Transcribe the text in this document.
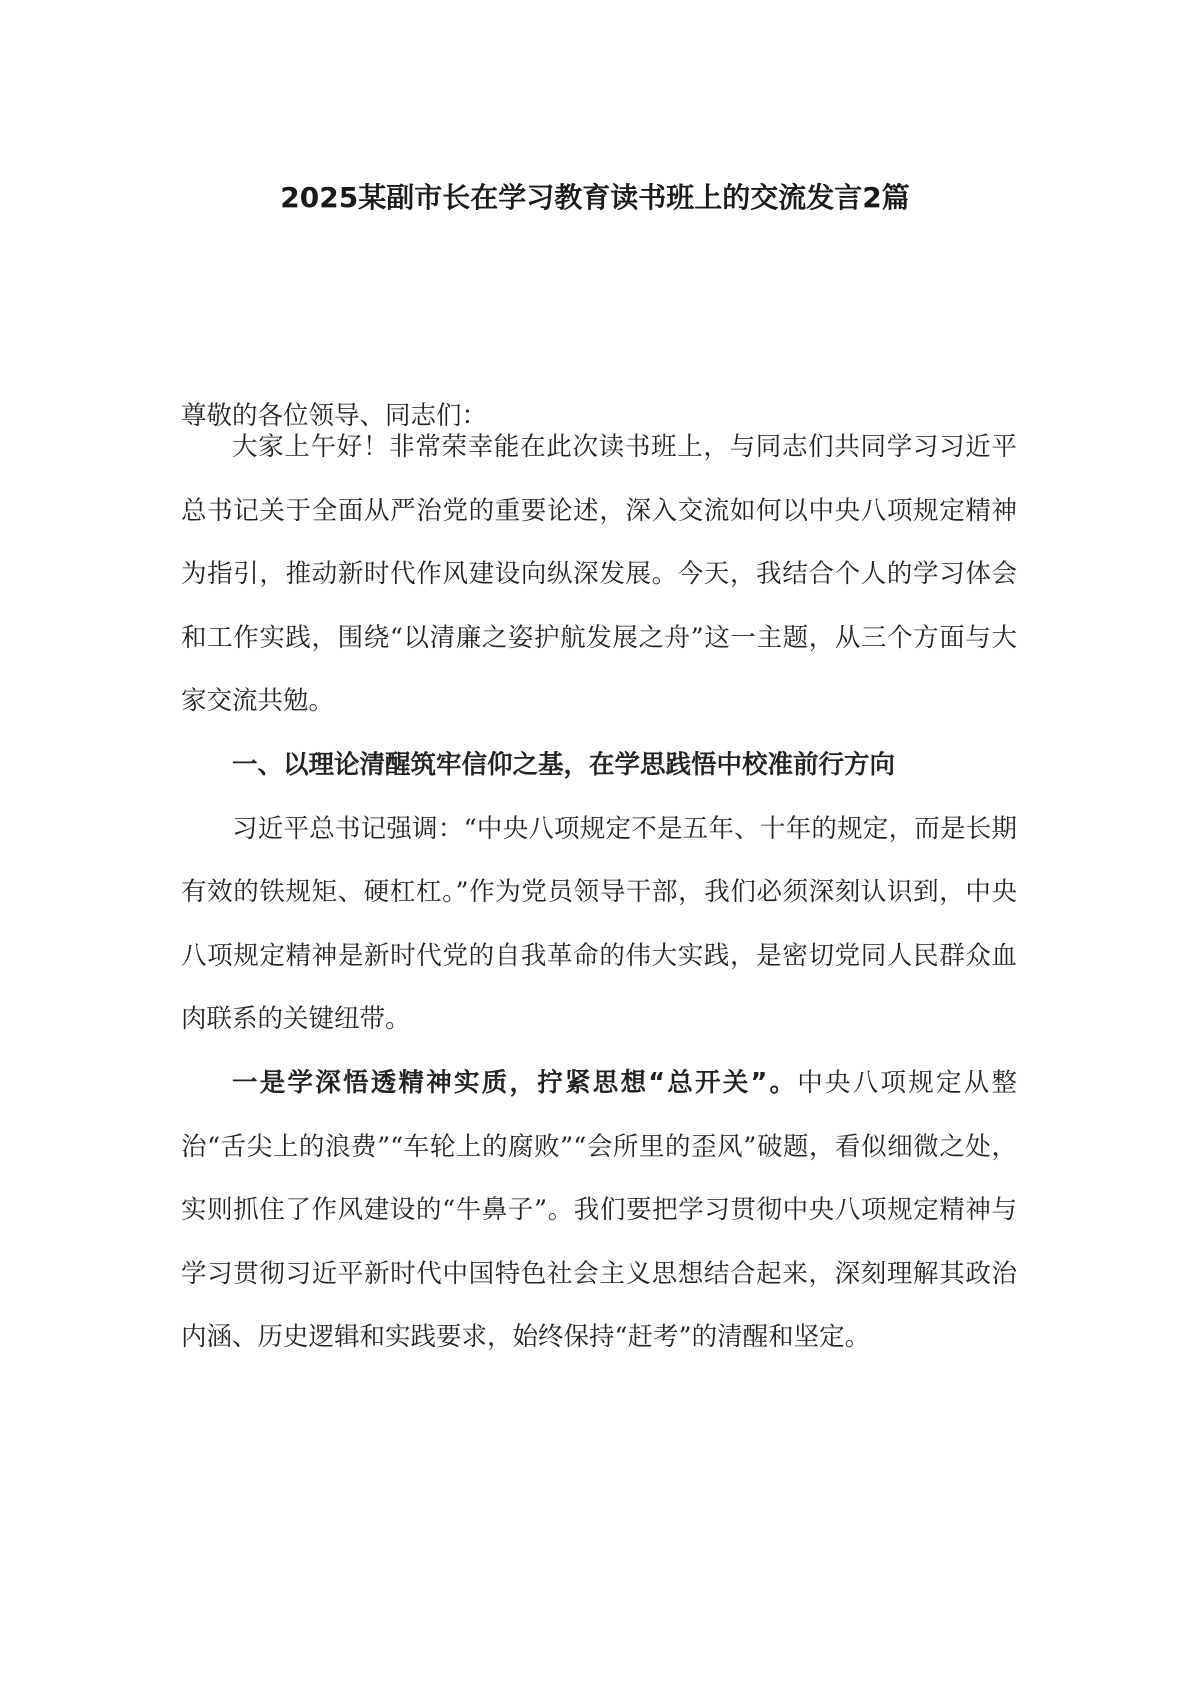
2025某副市长在学习教育读书班上的交流发言2篇
尊敬的各位领导、同志们：

大家上午好！非常荣幸能在此次读书班上，与同志们共同学习习近平总书记关于全面从严治党的重要论述，深入交流如何以中央八项规定精神为指引，推动新时代作风建设向纵深发展。今天，我结合个人的学习体会和工作实践，围绕“以清廉之姿护航发展之舟”这一主题，从三个方面与大家交流共勉。

一、以理论清醒筑牢信仰之基，在学思践悟中校准前行方向

习近平总书记强调：“中央八项规定不是五年、十年的规定，而是长期有效的铁规矩、硬杠杠。”作为党员领导干部，我们必须深刻认识到，中央八项规定精神是新时代党的自我革命的伟大实践，是密切党同人民群众血肉联系的关键纽带。

一是学深悟透精神实质，拧紧思想“总开关”。中央八项规定从整治“舌尖上的浪费”“车轮上的腐败”“会所里的歪风”破题，看似细微之处，实则抓住了作风建设的“牛鼻子”。我们要把学习贯彻中央八项规定精神与学习贯彻习近平新时代中国特色社会主义思想结合起来，深刻理解其政治内涵、历史逻辑和实践要求，始终保持“赶考”的清醒和坚定。
